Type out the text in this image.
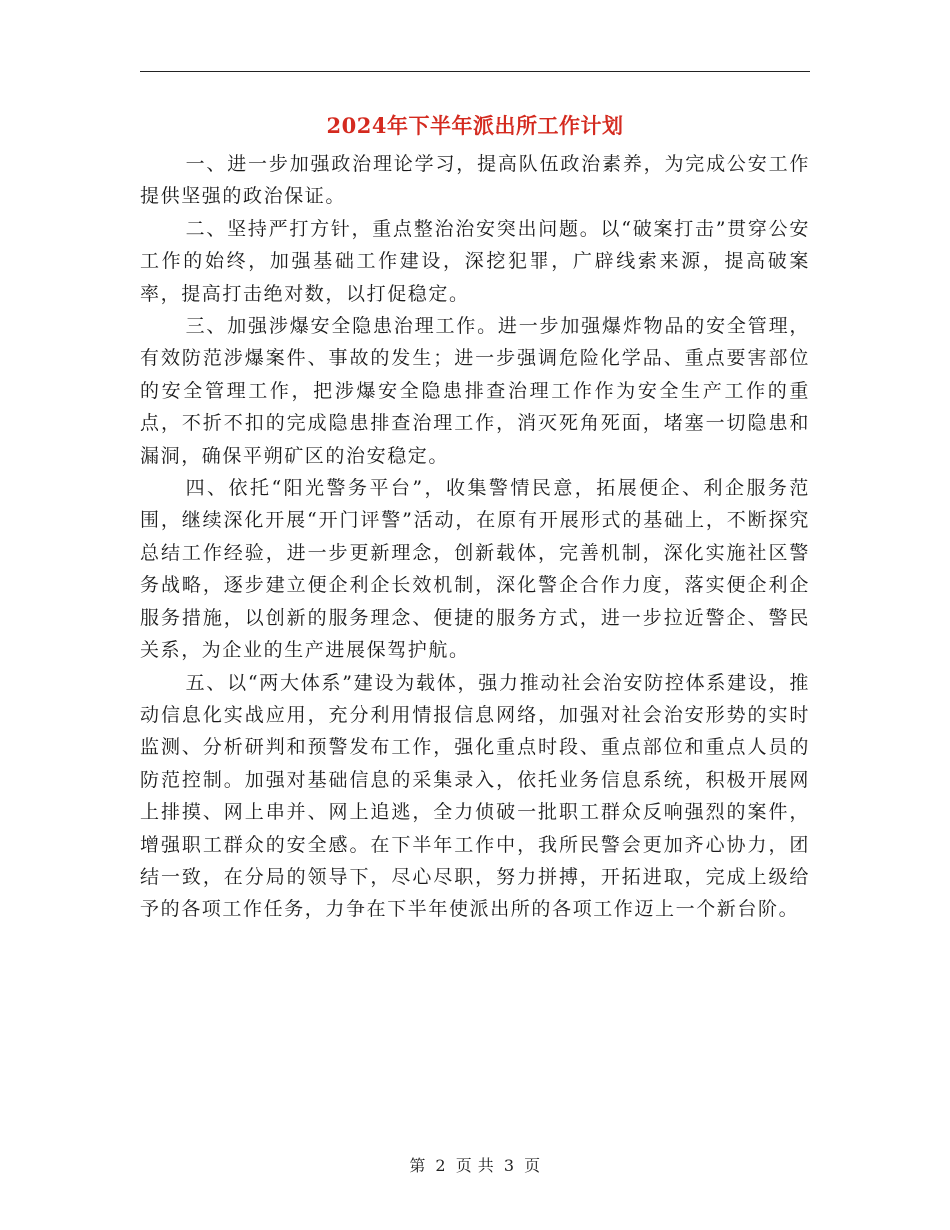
2024年下半年派出所工作计划

一、进一步加强政治理论学习，提高队伍政治素养，为完成公安工作提供坚强的政治保证。

二、坚持严打方针，重点整治治安突出问题。以“破案打击”贯穿公安工作的始终，加强基础工作建设，深挖犯罪，广辟线索来源，提高破案率，提高打击绝对数，以打促稳定。

三、加强涉爆安全隐患治理工作。进一步加强爆炸物品的安全管理，有效防范涉爆案件、事故的发生；进一步强调危险化学品、重点要害部位的安全管理工作，把涉爆安全隐患排查治理工作作为安全生产工作的重点，不折不扣的完成隐患排查治理工作，消灭死角死面，堵塞一切隐患和漏洞，确保平朔矿区的治安稳定。

四、依托“阳光警务平台”，收集警情民意，拓展便企、利企服务范围，继续深化开展“开门评警”活动，在原有开展形式的基础上，不断探究总结工作经验，进一步更新理念，创新载体，完善机制，深化实施社区警务战略，逐步建立便企利企长效机制，深化警企合作力度，落实便企利企服务措施，以创新的服务理念、便捷的服务方式，进一步拉近警企、警民关系，为企业的生产进展保驾护航。

五、以“两大体系”建设为载体，强力推动社会治安防控体系建设，推动信息化实战应用，充分利用情报信息网络，加强对社会治安形势的实时监测、分析研判和预警发布工作，强化重点时段、重点部位和重点人员的防范控制。加强对基础信息的采集录入，依托业务信息系统，积极开展网上排摸、网上串并、网上追逃，全力侦破一批职工群众反响强烈的案件，增强职工群众的安全感。在下半年工作中，我所民警会更加齐心协力，团结一致，在分局的领导下，尽心尽职，努力拼搏，开拓进取，完成上级给予的各项工作任务，力争在下半年使派出所的各项工作迈上一个新台阶。

第 2 页 共 3 页
